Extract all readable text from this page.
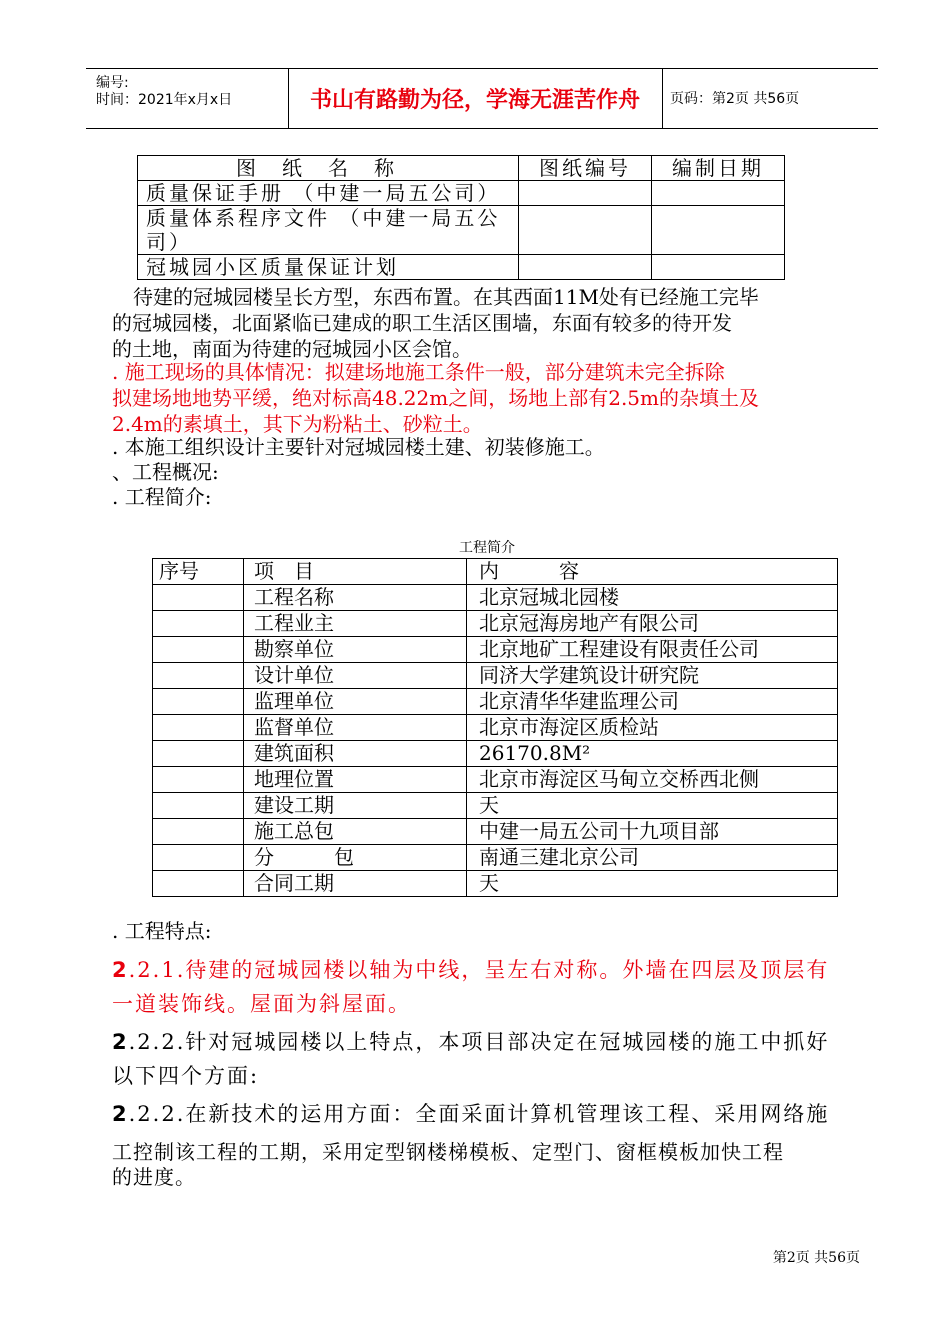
编号:
时间：2021年x月x日	书山有路勤为径，学海无涯苦作舟	页码：第2页 共56页
图纸名称	图纸编号	编制日期
质量保证手册 （中建一局五公司）		

质量体系程序文件 （中建一局五公
司）		

冠城园小区质量保证计划		
待建的冠城园楼呈长方型，东西布置。在其西面11M处有已经施工完毕
的冠城园楼，北面紧临已建成的职工生活区围墙，东面有较多的待开发
的土地，南面为待建的冠城园小区会馆。
. 施工现场的具体情况：拟建场地施工条件一般，部分建筑未完全拆除
拟建场地地势平缓，绝对标高48.22m之间，场地上部有2.5m的杂填土及
2.4m的素填土，其下为粉粘土、砂粒土。
. 本施工组织设计主要针对冠城园楼土建、初装修施工。
、工程概况:
. 工程简介:
工程简介
序号	项目	内容
	工程名称	北京冠城北园楼
	工程业主	北京冠海房地产有限公司
	勘察单位	北京地矿工程建设有限责任公司
	设计单位	同济大学建筑设计研究院
	监理单位	北京清华华建监理公司
	监督单位	北京市海淀区质检站
	建筑面积	26170.8M²
	地理位置	北京市海淀区马甸立交桥西北侧
	建设工期	天
	施工总包	中建一局五公司十九项目部
	分包	南通三建北京公司
	合同工期	天
. 工程特点:
2.2.1.待建的冠城园楼以轴为中线，呈左右对称。外墙在四层及顶层有
一道装饰线。屋面为斜屋面。
2.2.2.针对冠城园楼以上特点，本项目部决定在冠城园楼的施工中抓好
以下四个方面:
2.2.2.在新技术的运用方面：全面采面计算机管理该工程、采用网络施
工控制该工程的工期，采用定型钢楼梯模板、定型门、窗框模板加快工程
的进度。
第2页 共56页
